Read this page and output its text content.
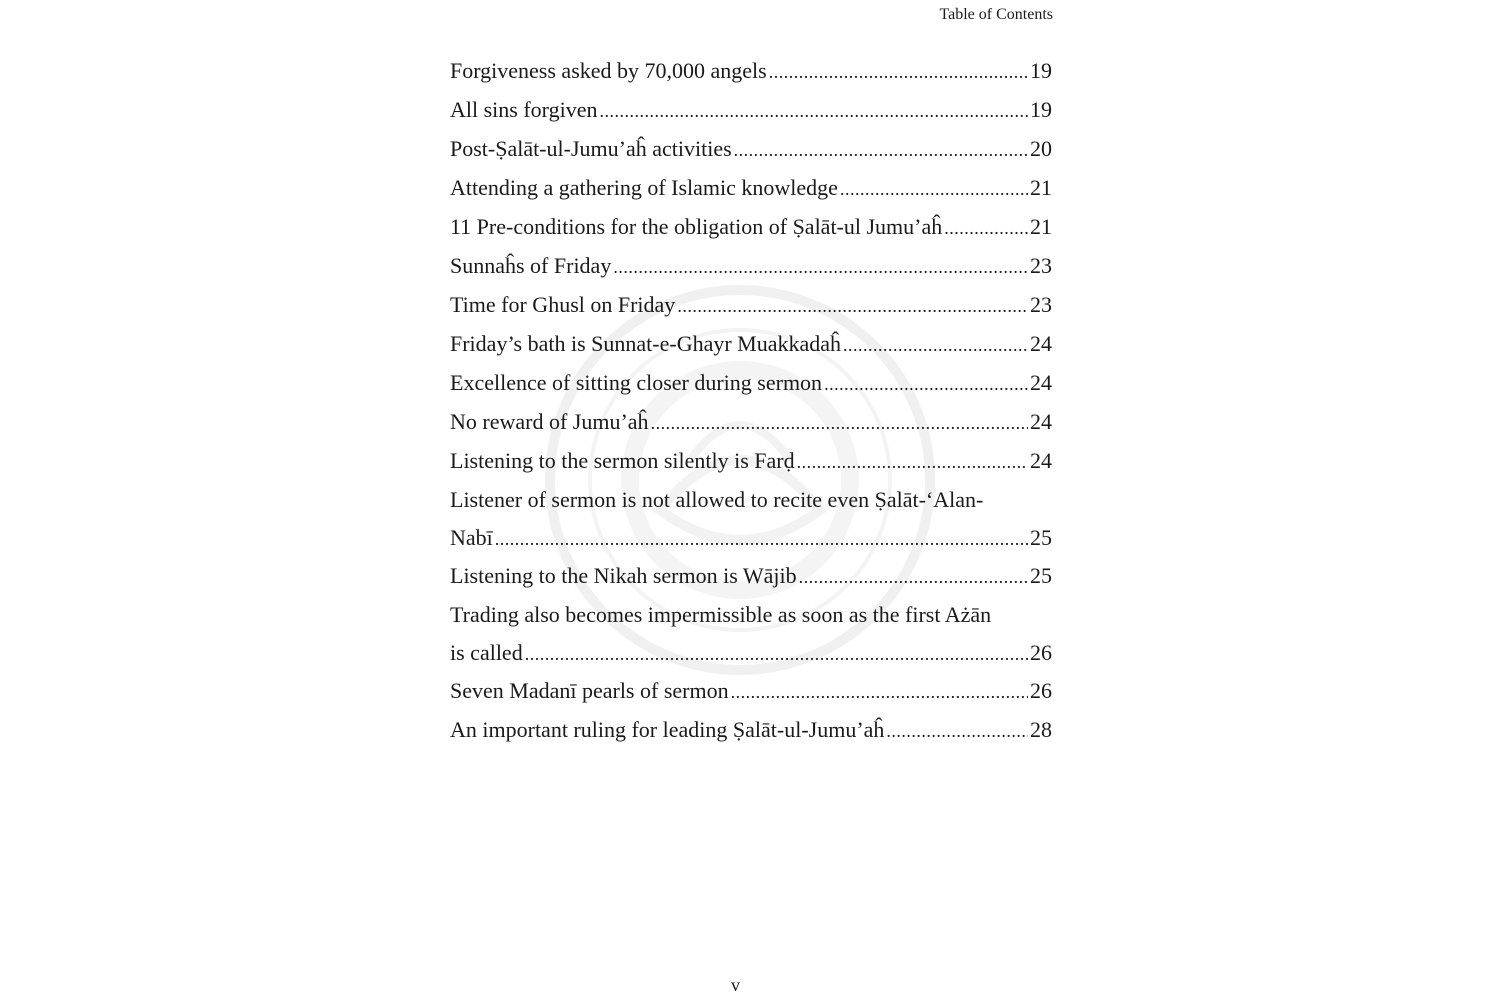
Table of Contents
Forgiveness asked by 70,000 angels .....	19
All sins forgiven .....	19
Post-Ṣalāt-ul-Jumu’aĥ activities .....	20
Attending a gathering of Islamic knowledge .....	21
11 Pre-conditions for the obligation of Ṣalāt-ul Jumu’aĥ .....	21
Sunnaĥs of Friday .....	23
Time for Ghusl on Friday .....	23
Friday’s bath is Sunnat-e-Ghayr Muakkadaĥ .....	24
Excellence of sitting closer during sermon .....	24
No reward of Jumu’aĥ .....	24
Listening to the sermon silently is Farḍ .....	24
Listener of sermon is not allowed to recite even Ṣalāt-‘Alan-
Nabī .....	25
Listening to the Nikah sermon is Wājib .....	25
Trading also becomes impermissible as soon as the first Ażān
is called .....	26
Seven Madanī pearls of sermon .....	26
An important ruling for leading Ṣalāt-ul-Jumu’aĥ .....	28
v
